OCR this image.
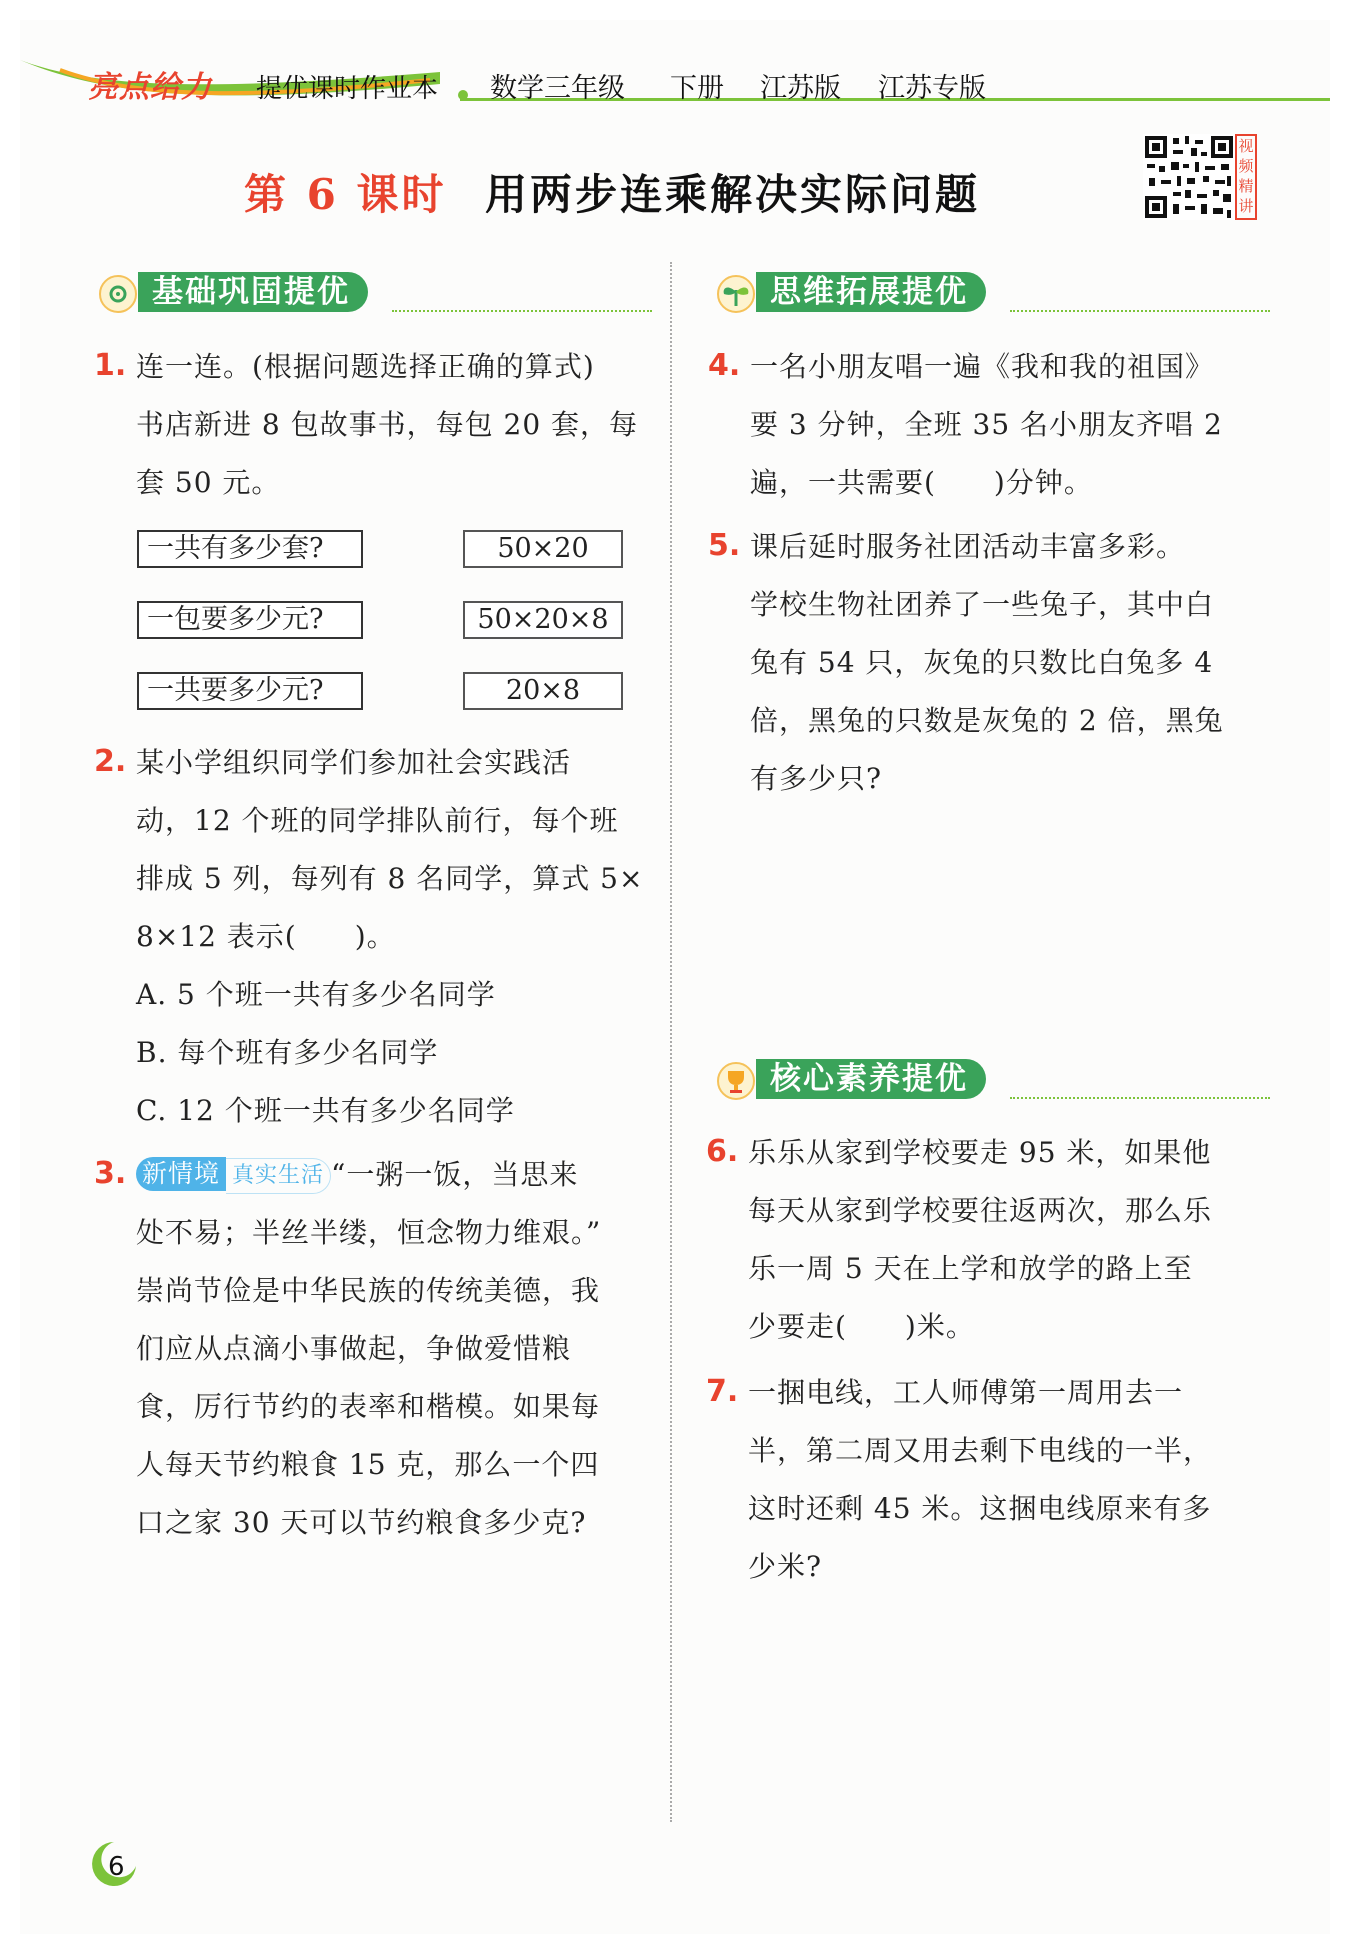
亮点给力 提优课时作业本 数学三年级 下册 江苏版 江苏专版
第 6 课时 用两步连乘解决实际问题
视
频
精
讲
基础巩固提优	思维拓展提优
核心素养提优
1. 连一连。(根据问题选择正确的算式)
书店新进 8 包故事书，每包 20 套，每
套 50 元。
一共有多少套?
一包要多少元?
一共要多少元?
50×20
50×20×8
20×8
2. 某小学组织同学们参加社会实践活
动，12 个班的同学排队前行，每个班
排成 5 列，每列有 8 名同学，算式 5×
8×12 表示(　　)。
A. 5 个班一共有多少名同学
B. 每个班有多少名同学
C. 12 个班一共有多少名同学
3. 新情境 真实生活 “一粥一饭，当思来
处不易；半丝半缕，恒念物力维艰。”
崇尚节俭是中华民族的传统美德，我
们应从点滴小事做起，争做爱惜粮
食，厉行节约的表率和楷模。如果每
人每天节约粮食 15 克，那么一个四
口之家 30 天可以节约粮食多少克?
4. 一名小朋友唱一遍《我和我的祖国》
要 3 分钟，全班 35 名小朋友齐唱 2
遍，一共需要(　　)分钟。
5. 课后延时服务社团活动丰富多彩。
学校生物社团养了一些兔子，其中白
兔有 54 只，灰兔的只数比白兔多 4
倍，黑兔的只数是灰兔的 2 倍，黑兔
有多少只?
6. 乐乐从家到学校要走 95 米，如果他
每天从家到学校要往返两次，那么乐
乐一周 5 天在上学和放学的路上至
少要走(　　)米。
7. 一捆电线，工人师傅第一周用去一
半，第二周又用去剩下电线的一半，
这时还剩 45 米。这捆电线原来有多
少米?
6
